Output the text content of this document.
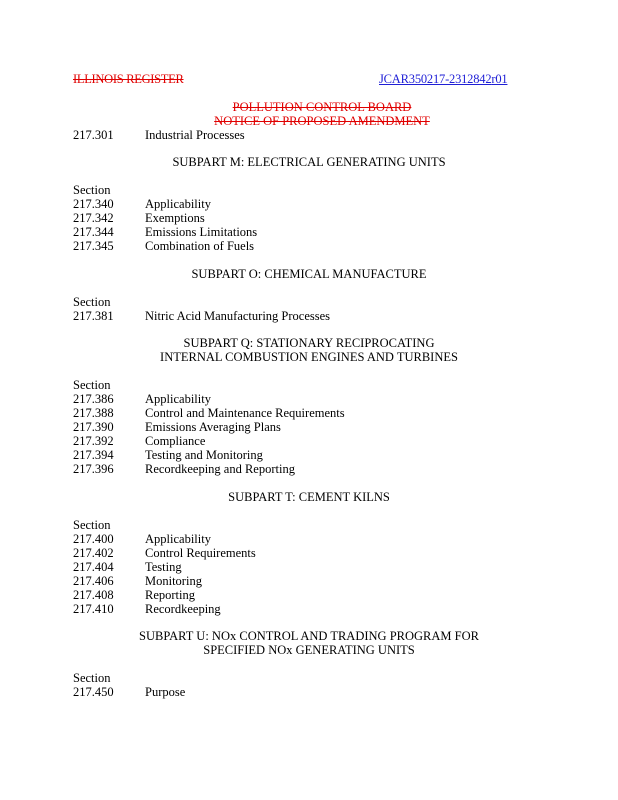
ILLINOIS REGISTER	JCAR350217-2312842r01
POLLUTION CONTROL BOARD
NOTICE OF PROPOSED AMENDMENT
217.301	Industrial Processes
SUBPART M: ELECTRICAL GENERATING UNITS
Section
217.340	Applicability
217.342	Exemptions
217.344	Emissions Limitations
217.345	Combination of Fuels
SUBPART O: CHEMICAL MANUFACTURE
Section
217.381	Nitric Acid Manufacturing Processes
SUBPART Q: STATIONARY RECIPROCATING
INTERNAL COMBUSTION ENGINES AND TURBINES
Section
217.386	Applicability
217.388	Control and Maintenance Requirements
217.390	Emissions Averaging Plans
217.392	Compliance
217.394	Testing and Monitoring
217.396	Recordkeeping and Reporting
SUBPART T: CEMENT KILNS
Section
217.400	Applicability
217.402	Control Requirements
217.404	Testing
217.406	Monitoring
217.408	Reporting
217.410	Recordkeeping
SUBPART U: NOx CONTROL AND TRADING PROGRAM FOR
SPECIFIED NOx GENERATING UNITS
Section
217.450	Purpose
